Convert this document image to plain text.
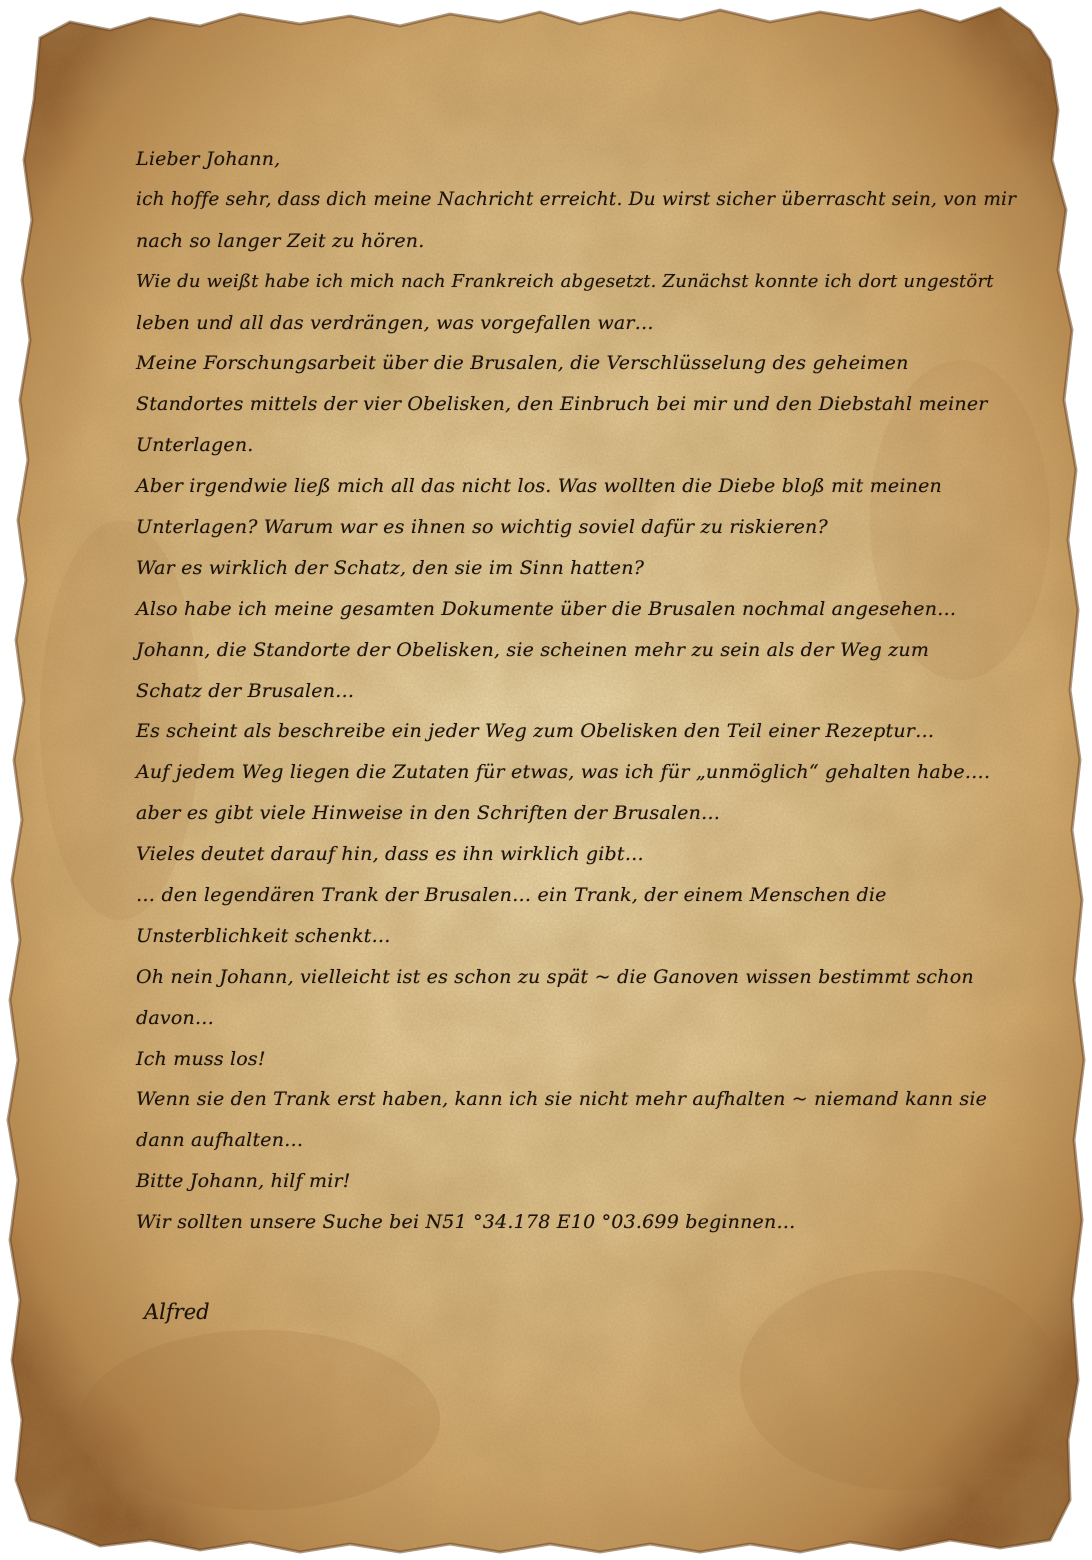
Lieber Johann,
ich hoffe sehr, dass dich meine Nachricht erreicht. Du wirst sicher überrascht sein, von mir
nach so langer Zeit zu hören.
Wie du weißt habe ich mich nach Frankreich abgesetzt. Zunächst konnte ich dort ungestört
leben und all das verdrängen, was vorgefallen war…
Meine Forschungsarbeit über die Brusalen, die Verschlüsselung des geheimen
Standortes mittels der vier Obelisken, den Einbruch bei mir und den Diebstahl meiner
Unterlagen.
Aber irgendwie ließ mich all das nicht los. Was wollten die Diebe bloß mit meinen
Unterlagen? Warum war es ihnen so wichtig soviel dafür zu riskieren?
War es wirklich der Schatz, den sie im Sinn hatten?
Also habe ich meine gesamten Dokumente über die Brusalen nochmal angesehen…
Johann, die Standorte der Obelisken, sie scheinen mehr zu sein als der Weg zum
Schatz der Brusalen…
Es scheint als beschreibe ein jeder Weg zum Obelisken den Teil einer Rezeptur…
Auf jedem Weg liegen die Zutaten für etwas, was ich für „unmöglich“ gehalten habe….
aber es gibt viele Hinweise in den Schriften der Brusalen…
Vieles deutet darauf hin, dass es ihn wirklich gibt…
… den legendären Trank der Brusalen… ein Trank, der einem Menschen die
Unsterblichkeit schenkt…
Oh nein Johann, vielleicht ist es schon zu spät ~ die Ganoven wissen bestimmt schon
davon…
Ich muss los!
Wenn sie den Trank erst haben, kann ich sie nicht mehr aufhalten ~ niemand kann sie
dann aufhalten…
Bitte Johann, hilf mir!
Wir sollten unsere Suche bei N51 °34.178 E10 °03.699 beginnen…
Alfred
